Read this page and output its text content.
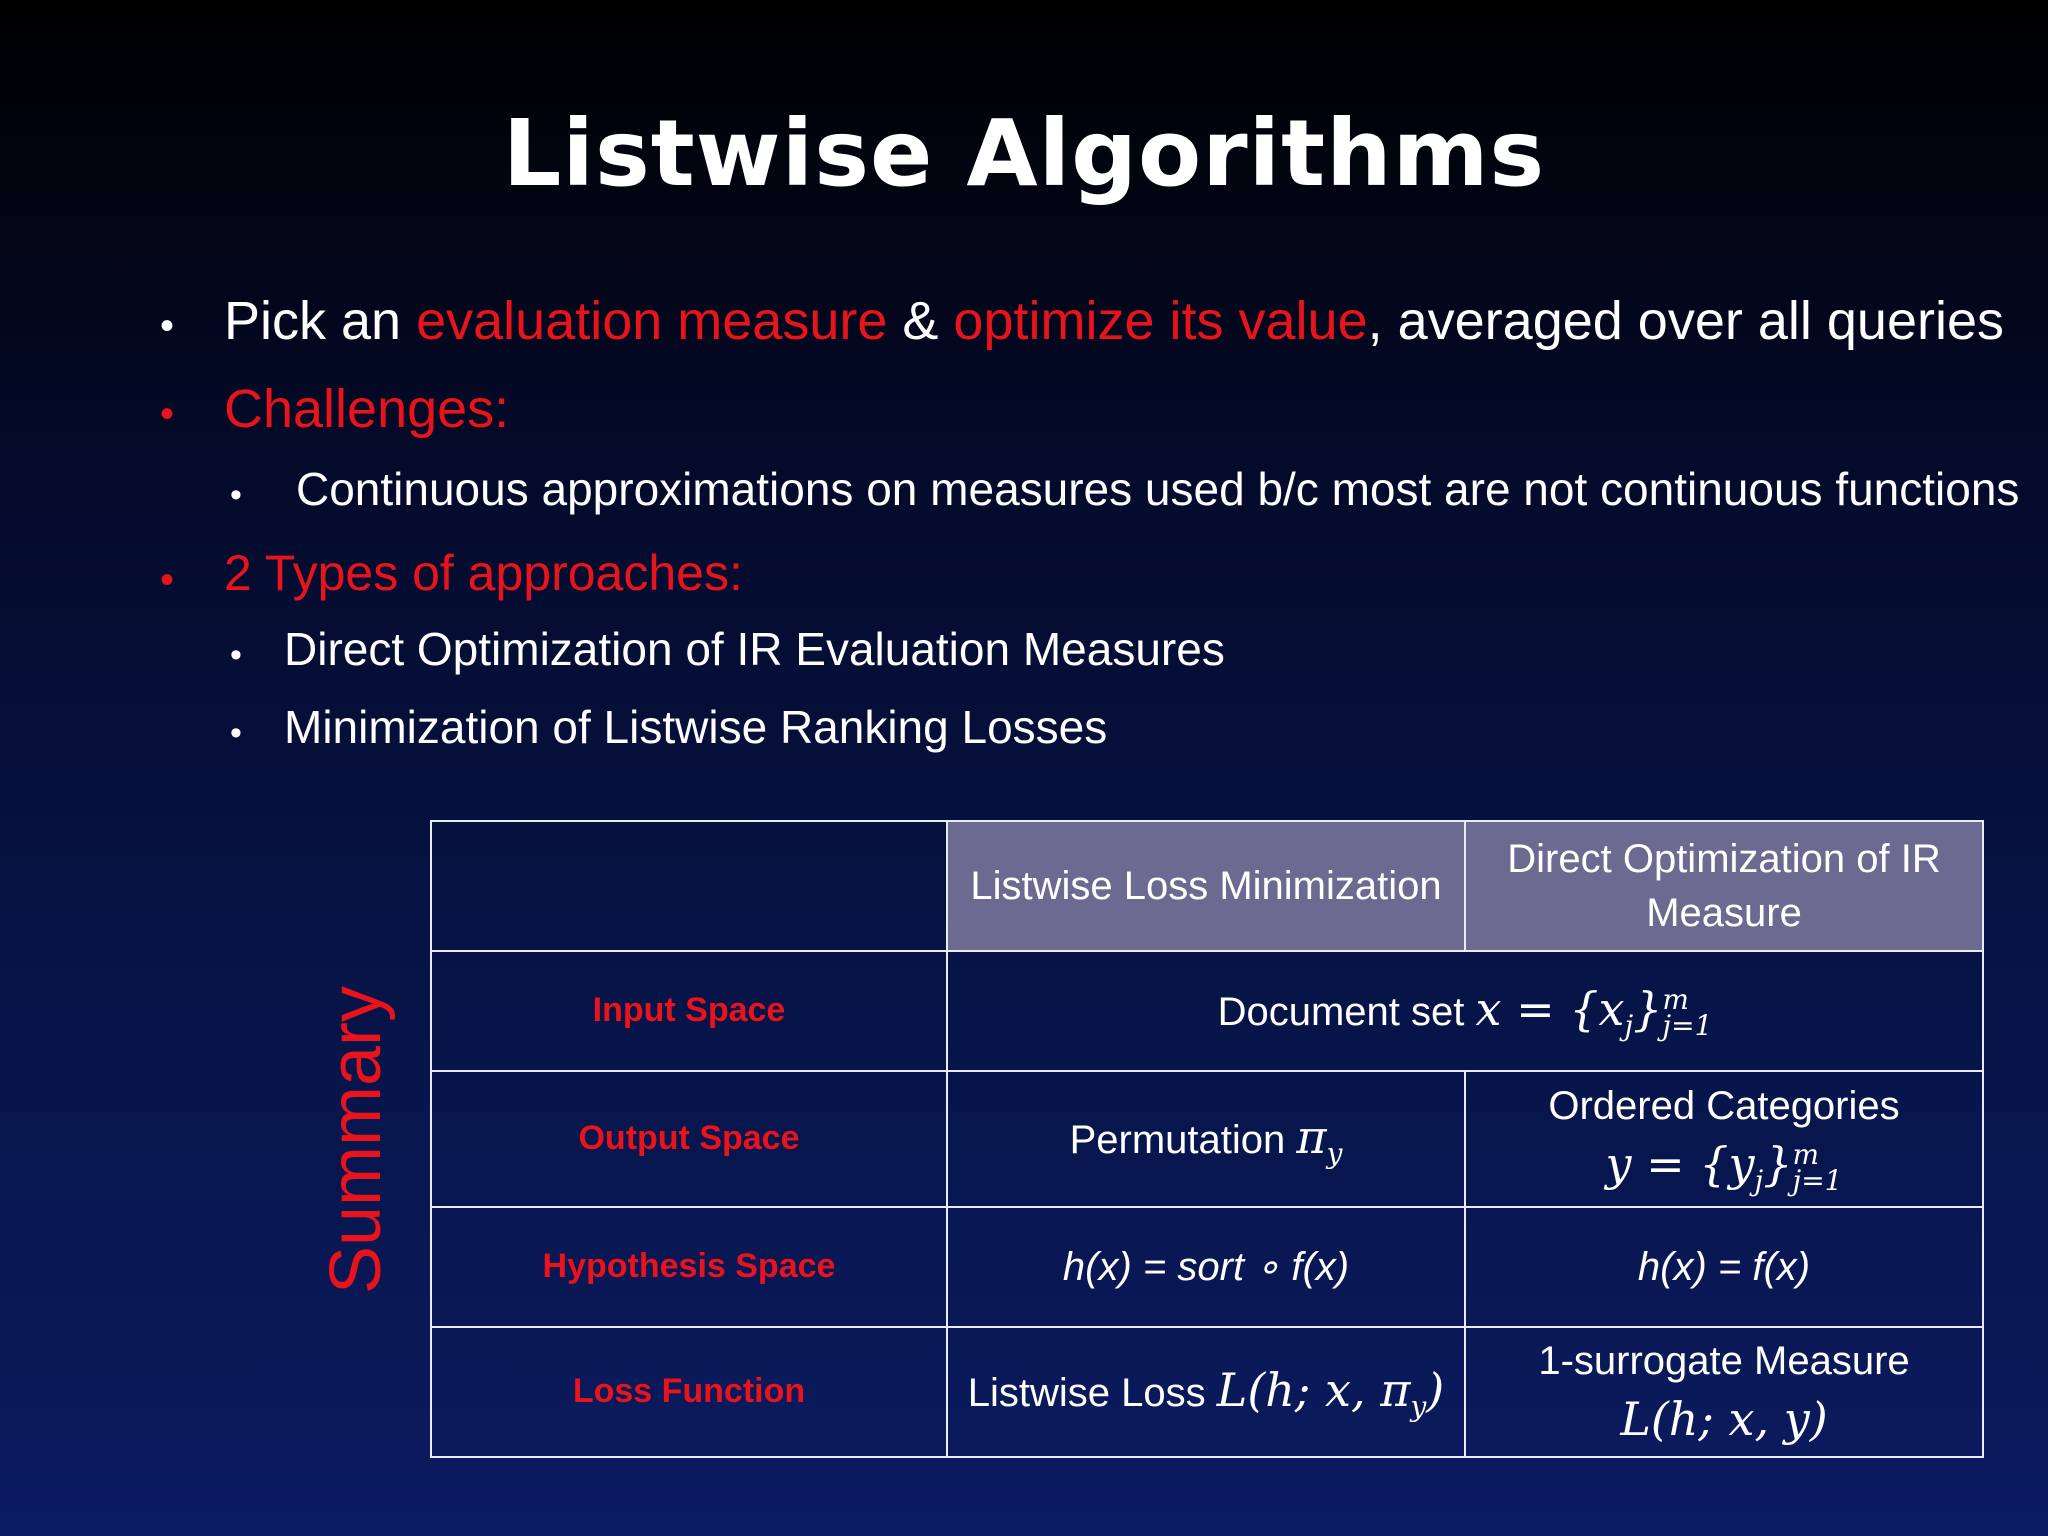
Listwise Algorithms
• Pick an evaluation measure & optimize its value, averaged over all queries
• Challenges:
• Continuous approximations on measures used b/c most are not continuous functions
• 2 Types of approaches:
• Direct Optimization of IR Evaluation Measures
• Minimization of Listwise Ranking Losses
Summary
	Listwise Loss Minimization	Direct Optimization of IR
Measure

Input Space	Document set $x = \{x_j\}$ m
j=1	

Output Space	Permutation $\pi_y$	Ordered Categories
$y = \{y_j\}$ m
j=1

Hypothesis Space	h(x) = sort ∘ f(x)	h(x) = f(x)
Loss Function	Listwise Loss L(h; x, $\pi_y$)	1-surrogate Measure
L(h; x, y)
